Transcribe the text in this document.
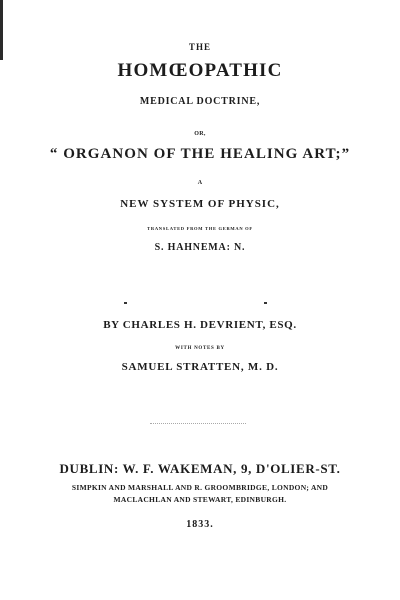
THE
HOMŒOPATHIC
MEDICAL DOCTRINE,
OR,
“ ORGANON OF THE HEALING ART;”
A
NEW SYSTEM OF PHYSIC,
TRANSLATED FROM THE GERMAN OF
S. HAHNEMA: N.
BY CHARLES H. DEVRIENT, ESQ.
WITH NOTES BY
SAMUEL STRATTEN, M. D.
DUBLIN: W. F. WAKEMAN, 9, D'OLIER-ST.
SIMPKIN AND MARSHALL AND R. GROOMBRIDGE, LONDON; AND
MACLACHLAN AND STEWART, EDINBURGH.
1833.
